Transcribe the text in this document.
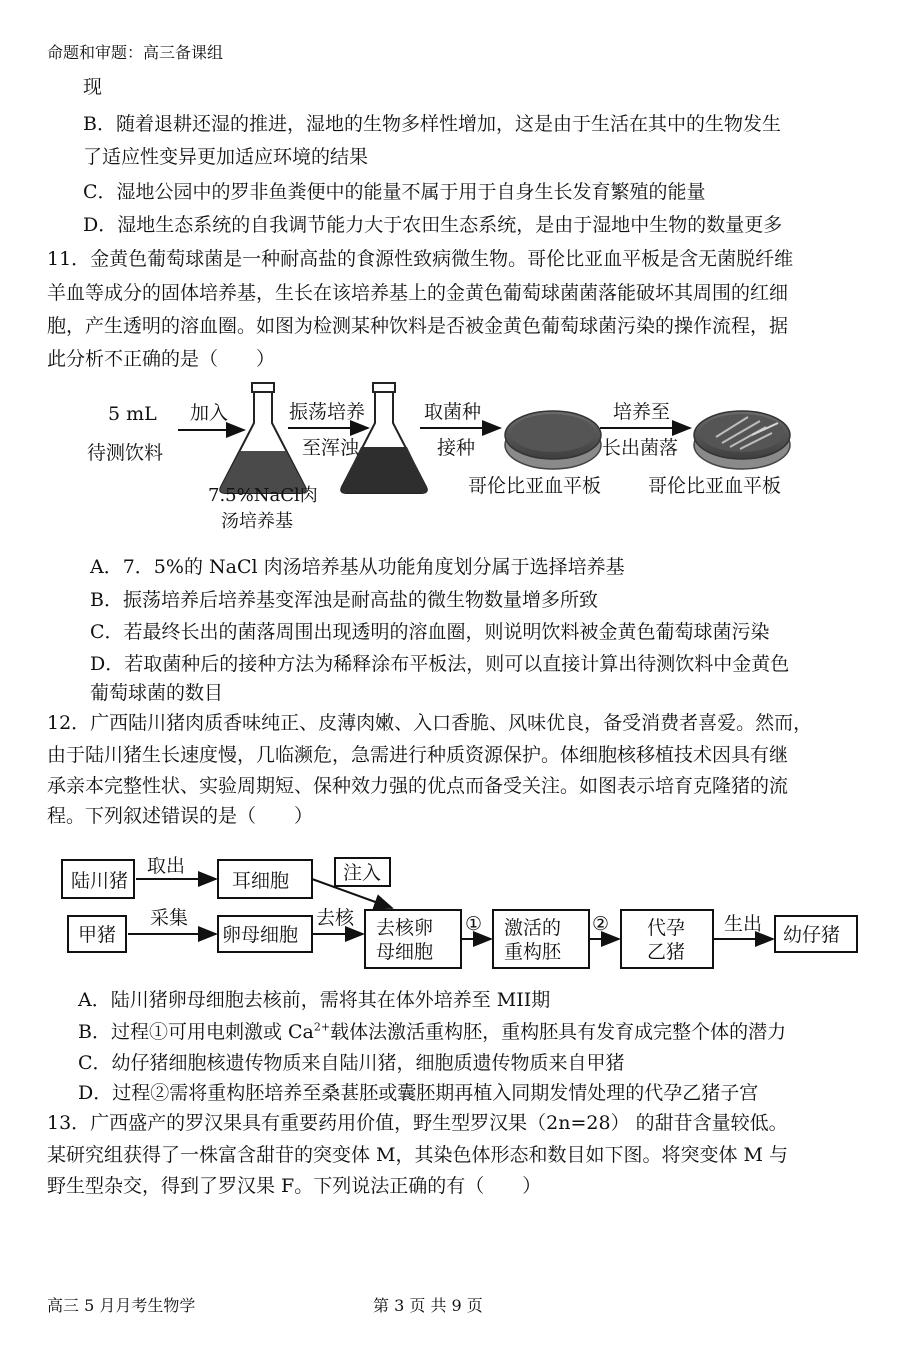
命题和审题：高三备课组
现
B．随着退耕还湿的推进，湿地的生物多样性增加，这是由于生活在其中的生物发生
了适应性变异更加适应环境的结果
C．湿地公园中的罗非鱼粪便中的能量不属于用于自身生长发育繁殖的能量
D．湿地生态系统的自我调节能力大于农田生态系统，是由于湿地中生物的数量更多
11．金黄色葡萄球菌是一种耐高盐的食源性致病微生物。哥伦比亚血平板是含无菌脱纤维
羊血等成分的固体培养基，生长在该培养基上的金黄色葡萄球菌菌落能破坏其周围的红细
胞，产生透明的溶血圈。如图为检测某种饮料是否被金黄色葡萄球菌污染的操作流程，据
此分析不正确的是（　　）
5 mL
待测饮料
加入	振荡培养
至浑浊
取菌种
接种
培养至
长出菌落
哥伦比亚血平板 哥伦比亚血平板
7.5%NaCl肉
汤培养基
A．7．5%的 NaCl 肉汤培养基从功能角度划分属于选择培养基
B．振荡培养后培养基变浑浊是耐高盐的微生物数量增多所致
C．若最终长出的菌落周围出现透明的溶血圈，则说明饮料被金黄色葡萄球菌污染
D．若取菌种后的接种方法为稀释涂布平板法，则可以直接计算出待测饮料中金黄色
葡萄球菌的数目
12．广西陆川猪肉质香味纯正、皮薄肉嫩、入口香脆、风味优良，备受消费者喜爱。然而，
由于陆川猪生长速度慢，几临濒危，急需进行种质资源保护。体细胞核移植技术因具有继
承亲本完整性状、实验周期短、保种效力强的优点而备受关注。如图表示培育克隆猪的流
程。下列叙述错误的是（　　）
陆川猪
取出
耳细胞	注入
甲猪
采集
卵母细胞
去核 去核卵
母细胞
① 激活的
重构胚
② 代孕
乙猪
生出 幼仔猪
A．陆川猪卵母细胞去核前，需将其在体外培养至 MII期
B．过程①可用电刺激或 $Ca^{2+}$载体法激活重构胚，重构胚具有发育成完整个体的潜力
C．幼仔猪细胞核遗传物质来自陆川猪，细胞质遗传物质来自甲猪
D．过程②需将重构胚培养至桑葚胚或囊胚期再植入同期发情处理的代孕乙猪子宫
13．广西盛产的罗汉果具有重要药用价值，野生型罗汉果（2n=28） 的甜苷含量较低。
某研究组获得了一株富含甜苷的突变体 M，其染色体形态和数目如下图。将突变体 M 与
野生型杂交，得到了罗汉果 F。下列说法正确的有（　　）
高三 5 月月考生物学	第 3 页 共 9 页
